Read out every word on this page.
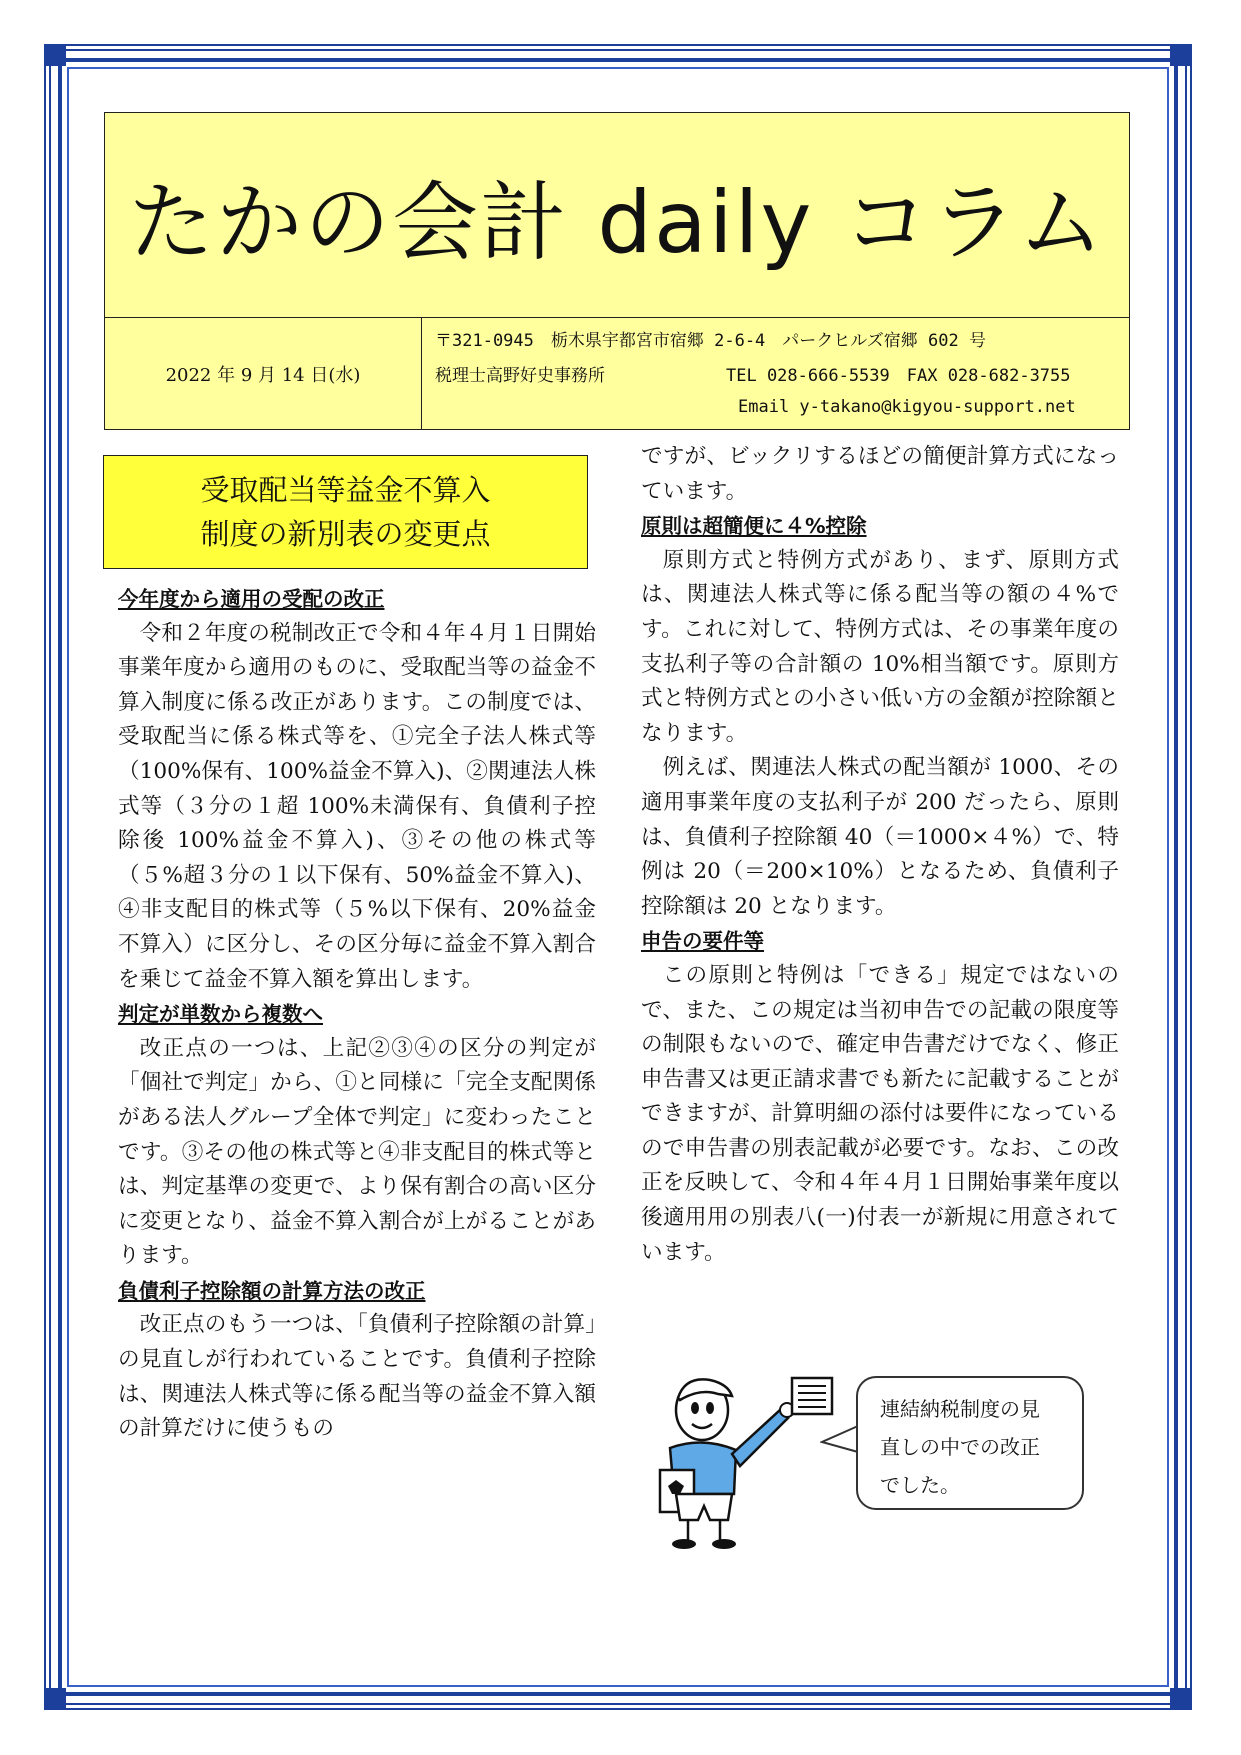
たかの会計 daily コラム
2022 年 9 月 14 日(水)
〒321-0945　栃木県宇都宮市宿郷 2-6-4　パークヒルズ宿郷 602 号
税理士高野好史事務所	TEL 028-666-5539　FAX 028-682-3755
Email y-takano@kigyou-support.net
受取配当等益金不算入
制度の新別表の変更点
今年度から適用の受配の改正

令和２年度の税制改正で令和４年４月１日開始事業年度から適用のものに、受取配当等の益金不算入制度に係る改正があります。この制度では、受取配当に係る株式等を、①完全子法人株式等（100%保有、100%益金不算入)、②関連法人株式等（３分の１超 100%未満保有、負債利子控除後 100%益金不算入)、③その他の株式等（５%超３分の１以下保有、50%益金不算入)、④非支配目的株式等（５%以下保有、20%益金不算入）に区分し、その区分毎に益金不算入割合を乗じて益金不算入額を算出します。

判定が単数から複数へ

改正点の一つは、上記②③④の区分の判定が「個社で判定」から、①と同様に「完全支配関係がある法人グループ全体で判定」に変わったことです。③その他の株式等と④非支配目的株式等とは、判定基準の変更で、より保有割合の高い区分に変更となり、益金不算入割合が上がることがあります。

負債利子控除額の計算方法の改正

改正点のもう一つは、「負債利子控除額の計算」の見直しが行われていることです。負債利子控除は、関連法人株式等に係る配当等の益金不算入額の計算だけに使うもの

ですが、ビックリするほどの簡便計算方式になっています。

原則は超簡便に４%控除

原則方式と特例方式があり、まず、原則方式は、関連法人株式等に係る配当等の額の４%です。これに対して、特例方式は、その事業年度の支払利子等の合計額の 10%相当額です。原則方式と特例方式との小さい低い方の金額が控除額となります。

例えば、関連法人株式の配当額が 1000、その適用事業年度の支払利子が 200 だったら、原則は、負債利子控除額 40（＝1000×４%）で、特例は 20（＝200×10%）となるため、負債利子控除額は 20 となります。

申告の要件等

この原則と特例は「できる」規定ではないので、また、この規定は当初申告での記載の限度等の制限もないので、確定申告書だけでなく、修正申告書又は更正請求書でも新たに記載することができますが、計算明細の添付は要件になっているので申告書の別表記載が必要です。なお、この改正を反映して、令和４年４月１日開始事業年度以後適用用の別表八(一)付表一が新規に用意されています。

連結納税制度の見
直しの中での改正
でした。
